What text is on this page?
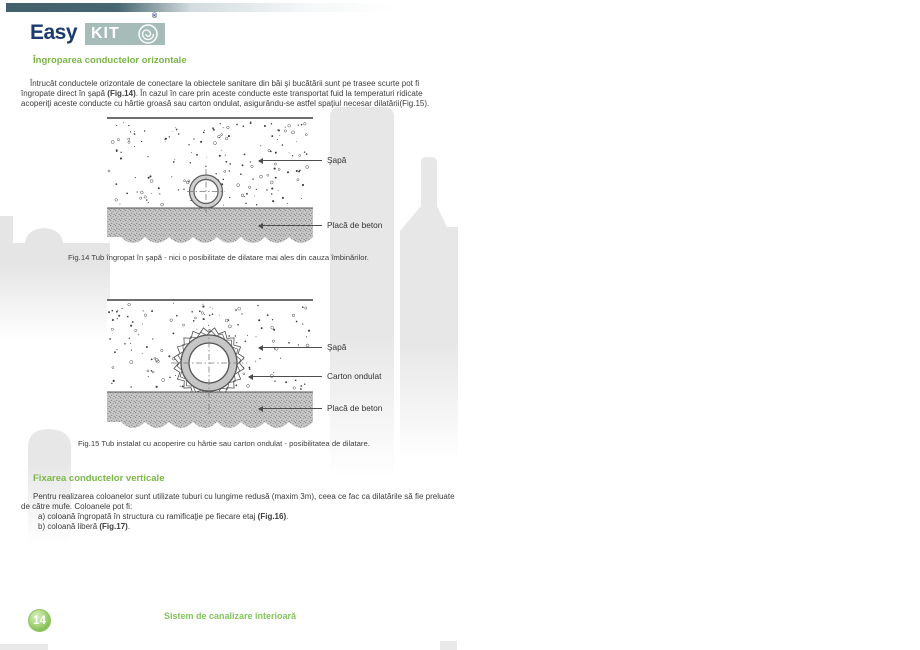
Easy KIT
®
Îngroparea conductelor orizontale
Întrucât conductele orizontale de conectare la obiectele sanitare din băi şi bucătării sunt pe trasee scurte pot fi îngropate direct în şapă (Fig.14). În cazul în care prin aceste conducte este transportat fuid la temperaturi ridicate acoperiţi aceste conducte cu hârtie groasă sau carton ondulat, asigurându-se astfel spaţiul necesar dilatării(Fig.15).
Şapă
Placă de beton
Fig.14 Tub îngropat în şapă - nici o posibilitate de dilatare mai ales din cauza îmbinărilor.
Şapă
Carton ondulat
Placă de beton
Fig.15 Tub instalat cu acoperire cu hârtie sau carton ondulat - posibilitatea de dilatare.
Fixarea conductelor verticale
Pentru realizarea coloanelor sunt utilizate tuburi cu lungime redusă (maxim 3m), ceea ce fac ca dilatările să fie preluate de către mufe. Coloanele pot fi:
a) coloană îngropată în structura cu ramificaţie pe fiecare etaj (Fig.16).
b) coloană liberă (Fig.17).
14	Sistem de canalizare interioară
